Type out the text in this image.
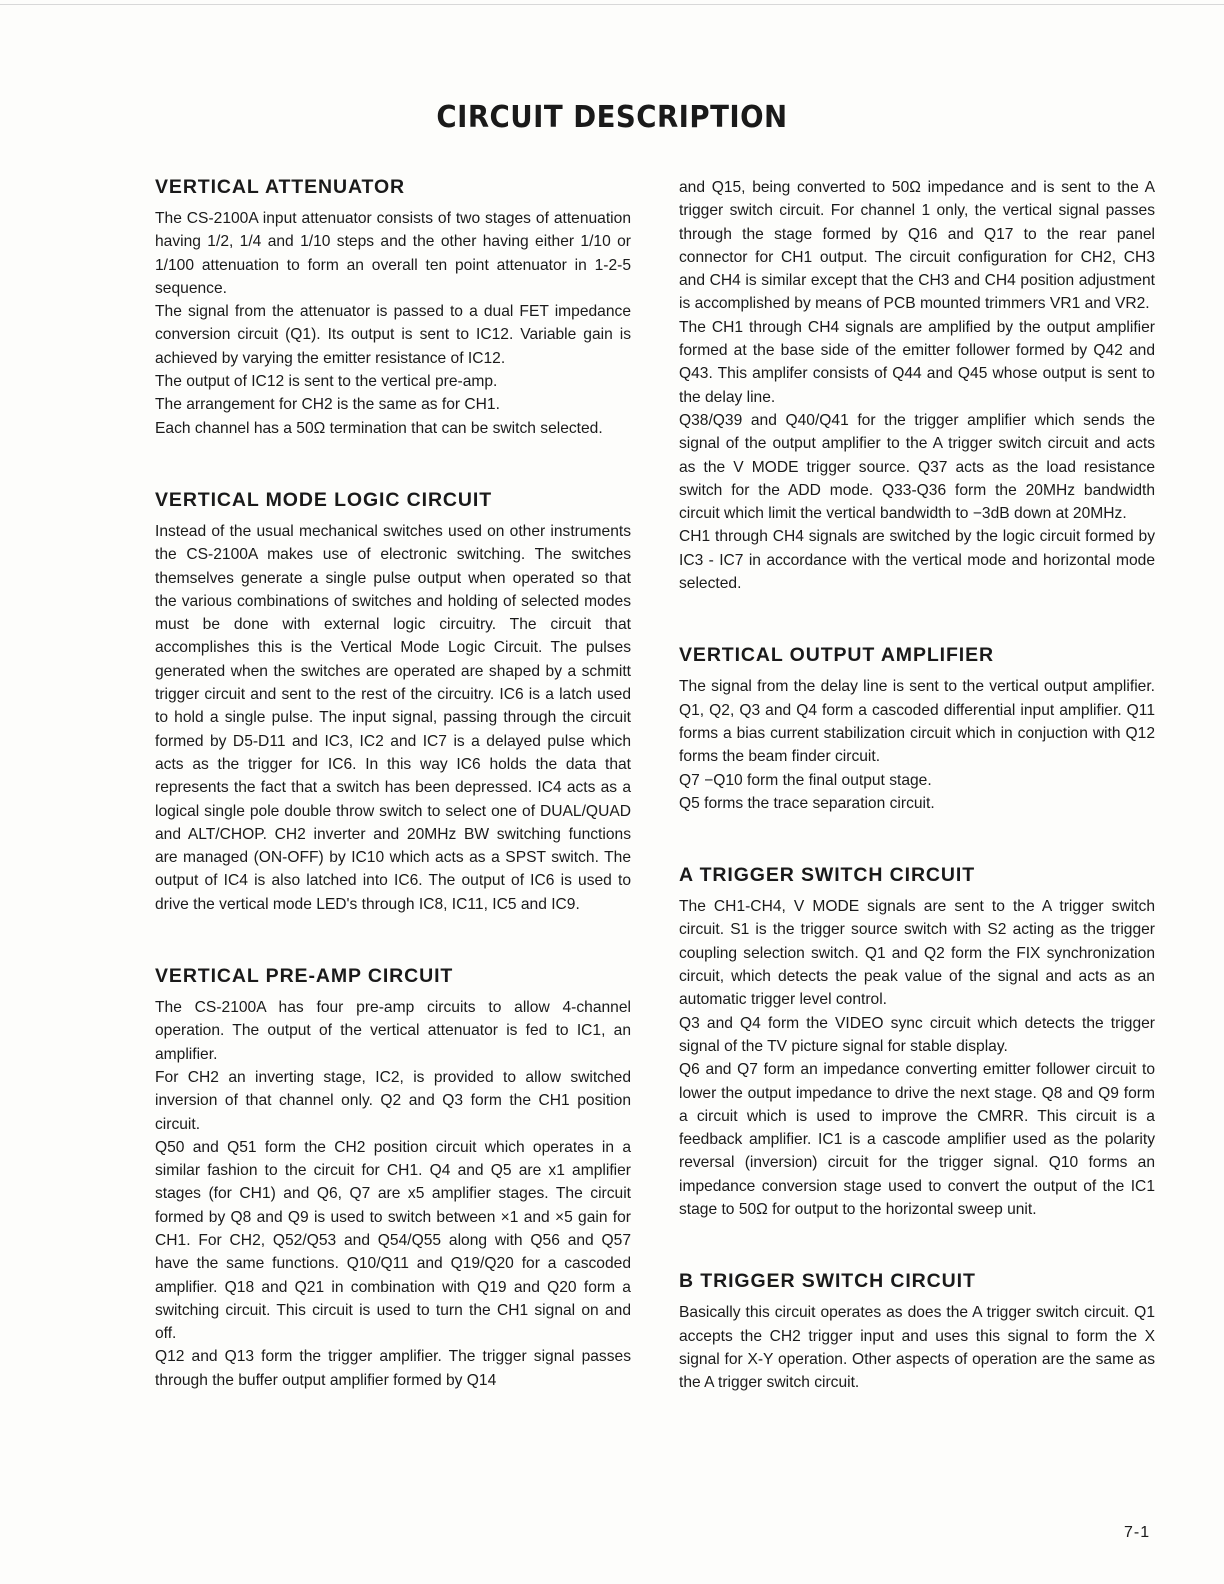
CIRCUIT DESCRIPTION
VERTICAL ATTENUATOR

The CS-2100A input attenuator consists of two stages of attenuation having 1/2, 1/4 and 1/10 steps and the other having either 1/10 or 1/100 attenuation to form an overall ten point attenuator in 1-2-5 sequence.

The signal from the attenuator is passed to a dual FET impedance conversion circuit (Q1). Its output is sent to IC12. Variable gain is achieved by varying the emitter resistance of IC12.

The output of IC12 is sent to the vertical pre-amp.

The arrangement for CH2 is the same as for CH1.

Each channel has a 50Ω termination that can be switch selected.

VERTICAL MODE LOGIC CIRCUIT

Instead of the usual mechanical switches used on other instruments the CS-2100A makes use of electronic switching. The switches themselves generate a single pulse output when operated so that the various combinations of switches and holding of selected modes must be done with external logic circuitry. The circuit that accomplishes this is the Vertical Mode Logic Circuit. The pulses generated when the switches are operated are shaped by a schmitt trigger circuit and sent to the rest of the circuitry. IC6 is a latch used to hold a single pulse. The input signal, passing through the circuit formed by D5-D11 and IC3, IC2 and IC7 is a delayed pulse which acts as the trigger for IC6. In this way IC6 holds the data that represents the fact that a switch has been depressed. IC4 acts as a logical single pole double throw switch to select one of DUAL/QUAD and ALT/CHOP. CH2 inverter and 20MHz BW switching functions are managed (ON-OFF) by IC10 which acts as a SPST switch. The output of IC4 is also latched into IC6. The output of IC6 is used to drive the vertical mode LED's through IC8, IC11, IC5 and IC9.

VERTICAL PRE-AMP CIRCUIT

The CS-2100A has four pre-amp circuits to allow 4-channel operation. The output of the vertical attenuator is fed to IC1, an amplifier.

For CH2 an inverting stage, IC2, is provided to allow switched inversion of that channel only. Q2 and Q3 form the CH1 position circuit.

Q50 and Q51 form the CH2 position circuit which operates in a similar fashion to the circuit for CH1. Q4 and Q5 are x1 amplifier stages (for CH1) and Q6, Q7 are x5 amplifier stages. The circuit formed by Q8 and Q9 is used to switch between ×1 and ×5 gain for CH1. For CH2, Q52/Q53 and Q54/Q55 along with Q56 and Q57 have the same functions. Q10/Q11 and Q19/Q20 for a cascoded amplifier. Q18 and Q21 in combination with Q19 and Q20 form a switching circuit. This circuit is used to turn the CH1 signal on and off.

Q12 and Q13 form the trigger amplifier. The trigger signal passes through the buffer output amplifier formed by Q14

and Q15, being converted to 50Ω impedance and is sent to the A trigger switch circuit. For channel 1 only, the vertical signal passes through the stage formed by Q16 and Q17 to the rear panel connector for CH1 output. The circuit configuration for CH2, CH3 and CH4 is similar except that the CH3 and CH4 position adjustment is accomplished by means of PCB mounted trimmers VR1 and VR2.

The CH1 through CH4 signals are amplified by the output amplifier formed at the base side of the emitter follower formed by Q42 and Q43. This amplifer consists of Q44 and Q45 whose output is sent to the delay line.

Q38/Q39 and Q40/Q41 for the trigger amplifier which sends the signal of the output amplifier to the A trigger switch circuit and acts as the V MODE trigger source. Q37 acts as the load resistance switch for the ADD mode. Q33-Q36 form the 20MHz bandwidth circuit which limit the vertical bandwidth to −3dB down at 20MHz.

CH1 through CH4 signals are switched by the logic circuit formed by IC3 - IC7 in accordance with the vertical mode and horizontal mode selected.

VERTICAL OUTPUT AMPLIFIER

The signal from the delay line is sent to the vertical output amplifier. Q1, Q2, Q3 and Q4 form a cascoded differential input amplifier. Q11 forms a bias current stabilization circuit which in conjuction with Q12 forms the beam finder circuit.

Q7 −Q10 form the final output stage.

Q5 forms the trace separation circuit.

A TRIGGER SWITCH CIRCUIT

The CH1-CH4, V MODE signals are sent to the A trigger switch circuit. S1 is the trigger source switch with S2 acting as the trigger coupling selection switch. Q1 and Q2 form the FIX synchronization circuit, which detects the peak value of the signal and acts as an automatic trigger level control.

Q3 and Q4 form the VIDEO sync circuit which detects the trigger signal of the TV picture signal for stable display.

Q6 and Q7 form an impedance converting emitter follower circuit to lower the output impedance to drive the next stage. Q8 and Q9 form a circuit which is used to improve the CMRR. This circuit is a feedback amplifier. IC1 is a cascode amplifier used as the polarity reversal (inversion) circuit for the trigger signal. Q10 forms an impedance conversion stage used to convert the output of the IC1 stage to 50Ω for output to the horizontal sweep unit.

B TRIGGER SWITCH CIRCUIT

Basically this circuit operates as does the A trigger switch circuit. Q1 accepts the CH2 trigger input and uses this signal to form the X signal for X-Y operation. Other aspects of operation are the same as the A trigger switch circuit.

7-1
